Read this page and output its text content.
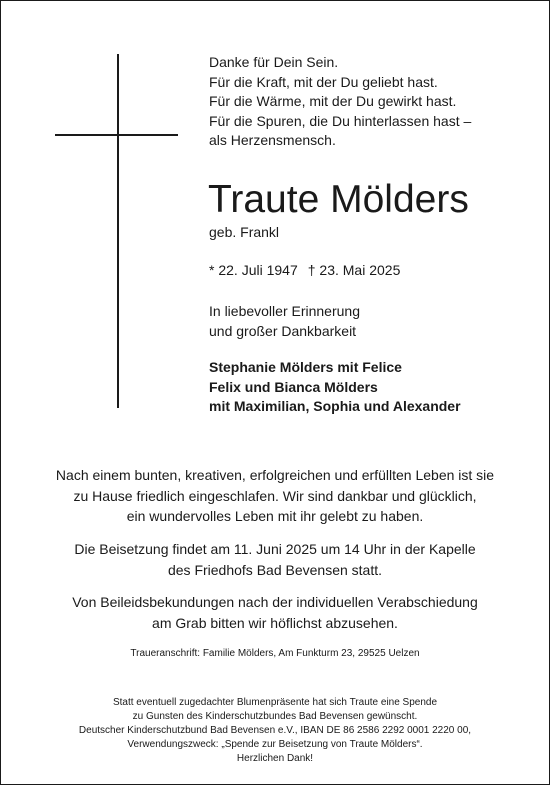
Danke für Dein Sein.
Für die Kraft, mit der Du geliebt hast.
Für die Wärme, mit der Du gewirkt hast.
Für die Spuren, die Du hinterlassen hast –
als Herzensmensch.
Traute Mölders
geb. Frankl
* 22. Juli 1947 † 23. Mai 2025
In liebevoller Erinnerung
und großer Dankbarkeit
Stephanie Mölders mit Felice
Felix und Bianca Mölders
mit Maximilian, Sophia und Alexander
Nach einem bunten, kreativen, erfolgreichen und erfüllten Leben ist sie
zu Hause friedlich eingeschlafen. Wir sind dankbar und glücklich,
ein wundervolles Leben mit ihr gelebt zu haben.
Die Beisetzung findet am 11. Juni 2025 um 14 Uhr in der Kapelle
des Friedhofs Bad Bevensen statt.
Von Beileidsbekundungen nach der individuellen Verabschiedung
am Grab bitten wir höflichst abzusehen.
Traueranschrift: Familie Mölders, Am Funkturm 23, 29525 Uelzen
Statt eventuell zugedachter Blumenpräsente hat sich Traute eine Spende
zu Gunsten des Kinderschutzbundes Bad Bevensen gewünscht.
Deutscher Kinderschutzbund Bad Bevensen e.V., IBAN DE 86 2586 2292 0001 2220 00,
Verwendungszweck: „Spende zur Beisetzung von Traute Mölders“.
Herzlichen Dank!
